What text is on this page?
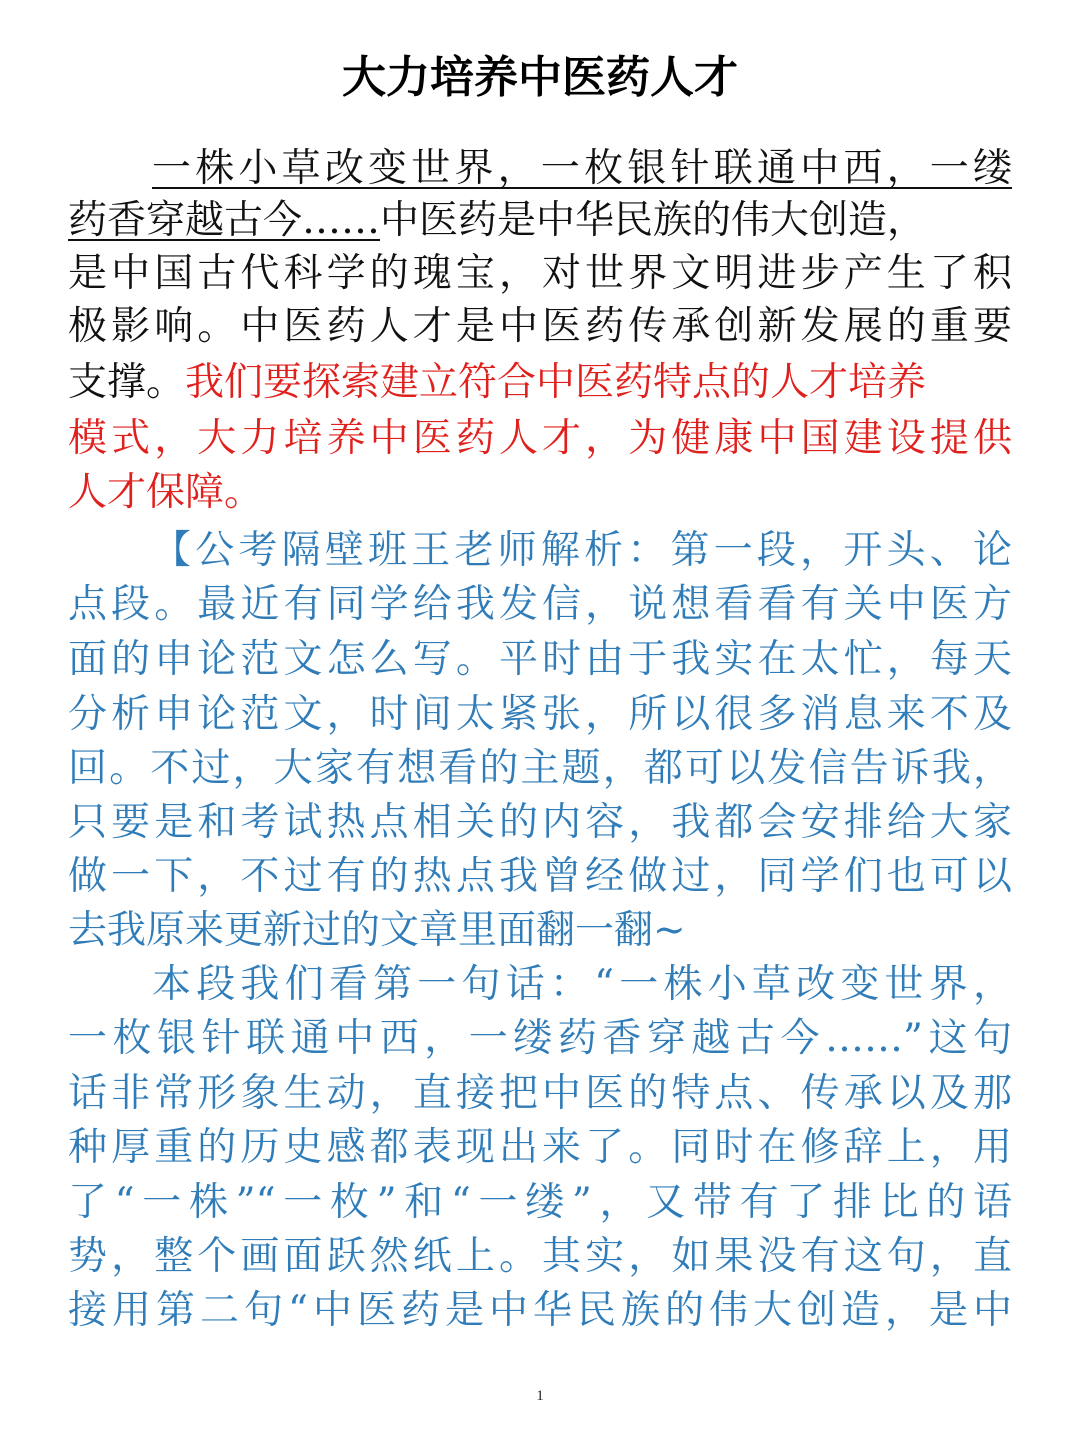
大力培养中医药人才
一株小草改变世界，一枚银针联通中西，一缕
药香穿越古今……中医药是中华民族的伟大创造，
是中国古代科学的瑰宝，对世界文明进步产生了积
极影响。中医药人才是中医药传承创新发展的重要
支撑。我们要探索建立符合中医药特点的人才培养
模式，大力培养中医药人才，为健康中国建设提供
人才保障。
【公考隔壁班王老师解析：第一段，开头、论
点段。最近有同学给我发信，说想看看有关中医方
面的申论范文怎么写。平时由于我实在太忙，每天
分析申论范文，时间太紧张，所以很多消息来不及
回。不过，大家有想看的主题，都可以发信告诉我，
只要是和考试热点相关的内容，我都会安排给大家
做一下，不过有的热点我曾经做过，同学们也可以
去我原来更新过的文章里面翻一翻~
本段我们看第一句话：“一株小草改变世界，
一枚银针联通中西，一缕药香穿越古今……”这句
话非常形象生动，直接把中医的特点、传承以及那
种厚重的历史感都表现出来了。同时在修辞上，用
了“一株”“一枚”和“一缕”，又带有了排比的语
势，整个画面跃然纸上。其实，如果没有这句，直
接用第二句“中医药是中华民族的伟大创造，是中
1
